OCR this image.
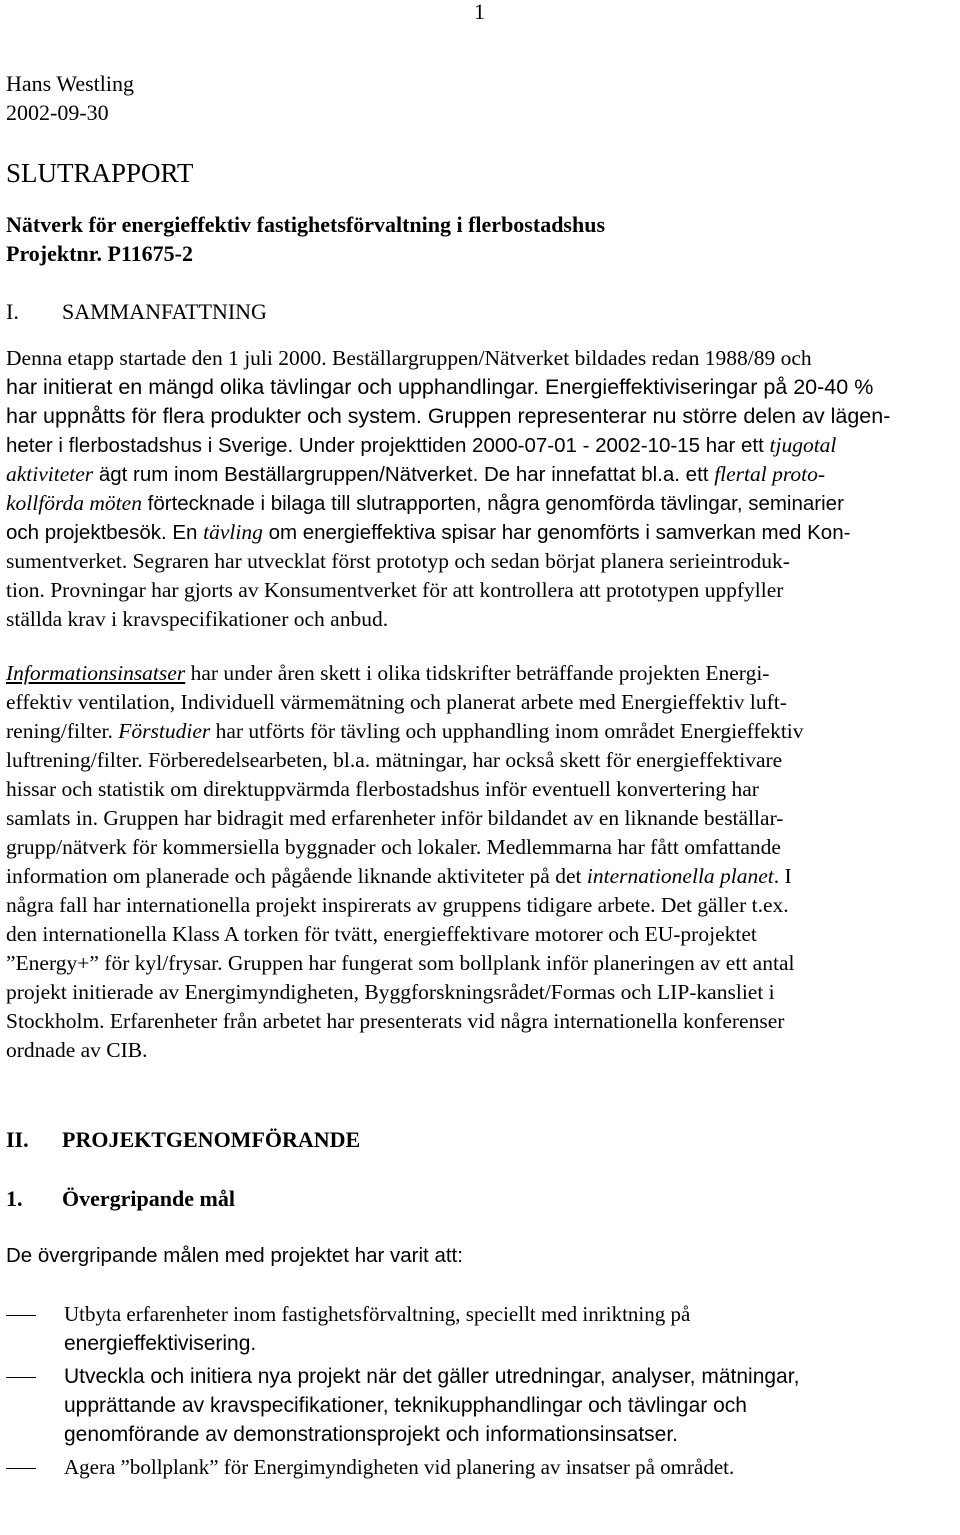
1
Hans Westling
2002-09-30
SLUTRAPPORT
Nätverk för energieffektiv fastighetsförvaltning i flerbostadshus
Projektnr. P11675-2
I.	SAMMANFATTNING
Denna etapp startade den 1 juli 2000. Beställargruppen/Nätverket bildades redan 1988/89 och
har initierat en mängd olika tävlingar och upphandlingar. Energieffektiviseringar på 20-40 %
har uppnåtts för flera produkter och system. Gruppen representerar nu större delen av lägen-
heter i flerbostadshus i Sverige. Under projekttiden 2000-07-01 - 2002-10-15 har ett tjugotal
aktiviteter ägt rum inom Beställargruppen/Nätverket. De har innefattat bl.a. ett flertal proto-
kollförda möten förtecknade i bilaga till slutrapporten, några genomförda tävlingar, seminarier
och projektbesök. En tävling om energieffektiva spisar har genomförts i samverkan med Kon-
sumentverket. Segraren har utvecklat först prototyp och sedan börjat planera serieintroduk-
tion. Provningar har gjorts av Konsumentverket för att kontrollera att prototypen uppfyller
ställda krav i kravspecifikationer och anbud.
Informationsinsatser har under åren skett i olika tidskrifter beträffande projekten Energi-
effektiv ventilation, Individuell värmemätning och planerat arbete med Energieffektiv luft-
rening/filter. Förstudier har utförts för tävling och upphandling inom området Energieffektiv
luftrening/filter. Förberedelsearbeten, bl.a. mätningar, har också skett för energieffektivare
hissar och statistik om direktuppvärmda flerbostadshus inför eventuell konvertering har
samlats in. Gruppen har bidragit med erfarenheter inför bildandet av en liknande beställar-
grupp/nätverk för kommersiella byggnader och lokaler. Medlemmarna har fått omfattande
information om planerade och pågående liknande aktiviteter på det internationella planet. I
några fall har internationella projekt inspirerats av gruppens tidigare arbete. Det gäller t.ex.
den internationella Klass A torken för tvätt, energieffektivare motorer och EU-projektet
”Energy+” för kyl/frysar. Gruppen har fungerat som bollplank inför planeringen av ett antal
projekt initierade av Energimyndigheten, Byggforskningsrådet/Formas och LIP-kansliet i
Stockholm. Erfarenheter från arbetet har presenterats vid några internationella konferenser
ordnade av CIB.
II.	PROJEKTGENOMFÖRANDE
1.	Övergripande mål
De övergripande målen med projektet har varit att:
Utbyta erfarenheter inom fastighetsförvaltning, speciellt med inriktning på
energieffektivisering.
Utveckla och initiera nya projekt när det gäller utredningar, analyser, mätningar,
upprättande av kravspecifikationer, teknikupphandlingar och tävlingar och
genomförande av demonstrationsprojekt och informationsinsatser.
Agera ”bollplank” för Energimyndigheten vid planering av insatser på området.
